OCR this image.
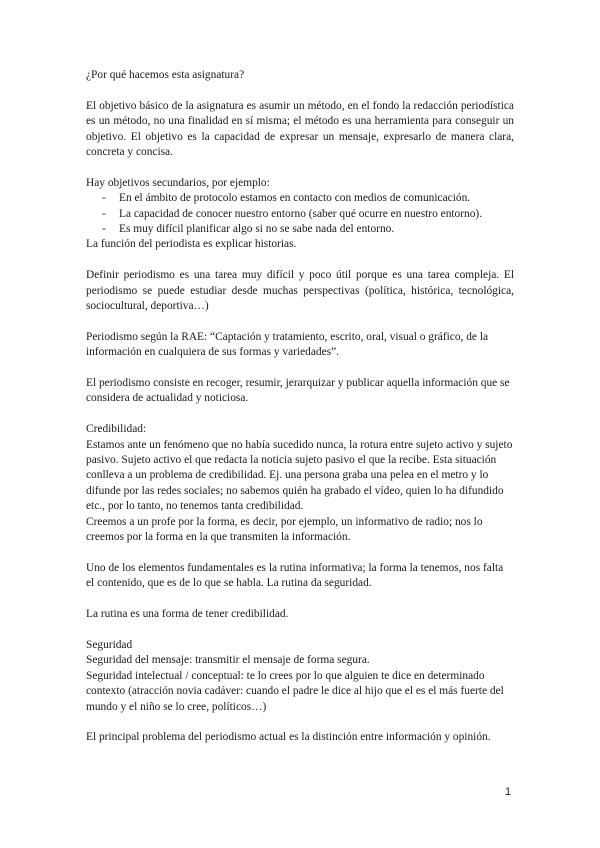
¿Por qué hacemos esta asignatura?

El objetivo básico de la asignatura es asumir un método, en el fondo la redacción periodística es un método, no una finalidad en sí misma; el método es una herramienta para conseguir un objetivo. El objetivo es la capacidad de expresar un mensaje, expresarlo de manera clara, concreta y concisa.

Hay objetivos secundarios, por ejemplo:

- En el ámbito de protocolo estamos en contacto con medios de comunicación.
- La capacidad de conocer nuestro entorno (saber qué ocurre en nuestro entorno).
- Es muy difícil planificar algo si no se sabe nada del entorno.

La función del periodista es explicar historias.

Definir periodismo es una tarea muy difícil y poco útil porque es una tarea compleja. El periodismo se puede estudiar desde muchas perspectivas (política, histórica, tecnológica, sociocultural, deportiva…)

Periodismo según la RAE: “Captación y tratamiento, escrito, oral, visual o gráfico, de la información en cualquiera de sus formas y variedades”.

El periodismo consiste en recoger, resumir, jerarquizar y publicar aquella información que se considera de actualidad y noticiosa.

Credibilidad:

Estamos ante un fenómeno que no había sucedido nunca, la rotura entre sujeto activo y sujeto pasivo. Sujeto activo el que redacta la noticia sujeto pasivo el que la recibe. Esta situación conlleva a un problema de credibilidad. Ej. una persona graba una pelea en el metro y lo difunde por las redes sociales; no sabemos quién ha grabado el vídeo, quien lo ha difundido etc., por lo tanto, no tenemos tanta credibilidad.

Creemos a un profe por la forma, es decir, por ejemplo, un informativo de radio; nos lo creemos por la forma en la que transmiten la información.

Uno de los elementos fundamentales es la rutina informativa; la forma la tenemos, nos falta el contenido, que es de lo que se habla. La rutina da seguridad.

La rutina es una forma de tener credibilidad.

Seguridad

Seguridad del mensaje: transmitir el mensaje de forma segura.

Seguridad intelectual / conceptual: te lo crees por lo que alguien te dice en determinado contexto (atracción novia cadáver: cuando el padre le dice al hijo que el es el más fuerte del mundo y el niño se lo cree, políticos…)

El principal problema del periodismo actual es la distinción entre información y opinión.

1
